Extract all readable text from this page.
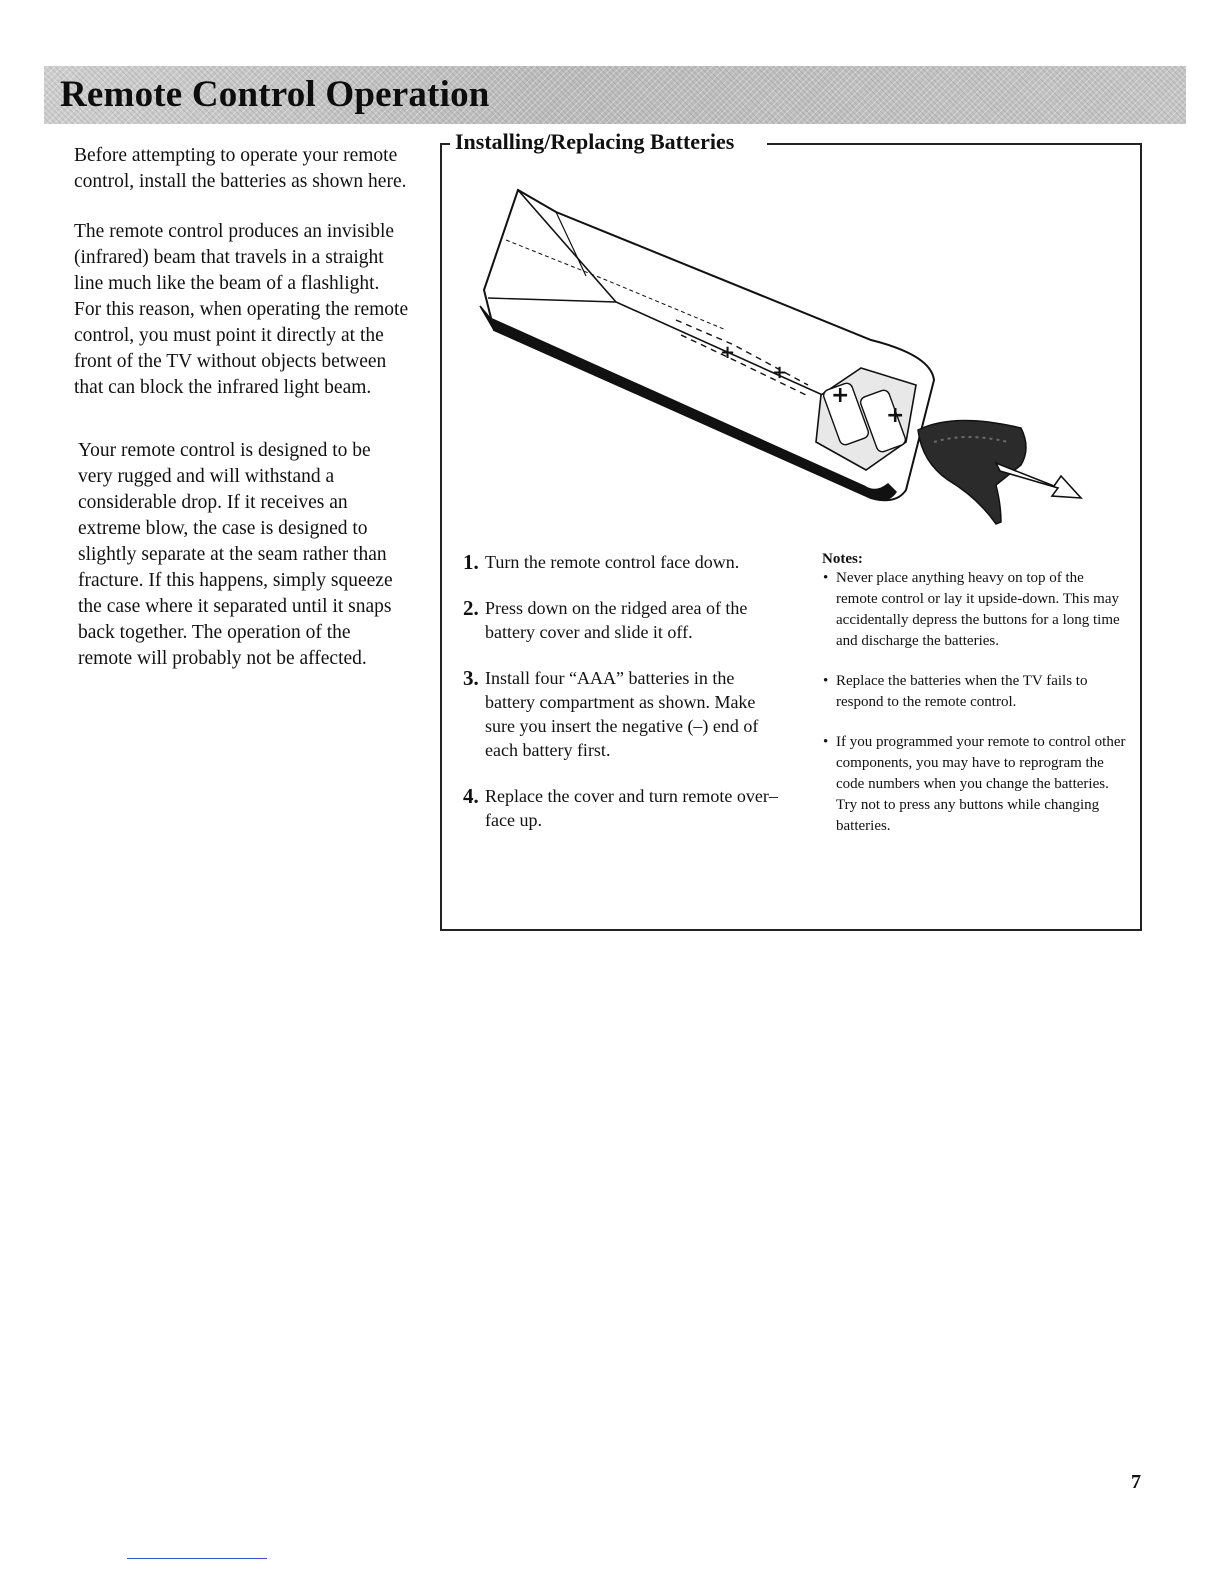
Remote Control Operation

Before attempting to operate your remote control, install the batteries as shown here.

The remote control produces an invisible (infrared) beam that travels in a straight line much like the beam of a flashlight. For this reason, when operating the remote control, you must point it directly at the front of the TV without objects between that can block the infrared light beam.

Your remote control is designed to be very rugged and will withstand a considerable drop. If it receives an extreme blow, the case is designed to slightly separate at the seam rather than fracture. If this happens, simply squeeze the case where it separated until it snaps back together. The operation of the remote will probably not be affected.

Installing/Replacing Batteries
+
+
+
+
1. Turn the remote control face down.
2. Press down on the ridged area of the battery cover and slide it off.
3. Install four “AAA” batteries in the battery compartment as shown. Make sure you insert the negative (–) end of each battery first.
4. Replace the cover and turn remote over–face up.

Notes:

• Never place anything heavy on top of the remote control or lay it upside-down. This may accidentally depress the buttons for a long time and discharge the batteries.
• Replace the batteries when the TV fails to respond to the remote control.
• If you programmed your remote to control other components, you may have to reprogram the code numbers when you change the batteries. Try not to press any buttons while changing batteries.
7
